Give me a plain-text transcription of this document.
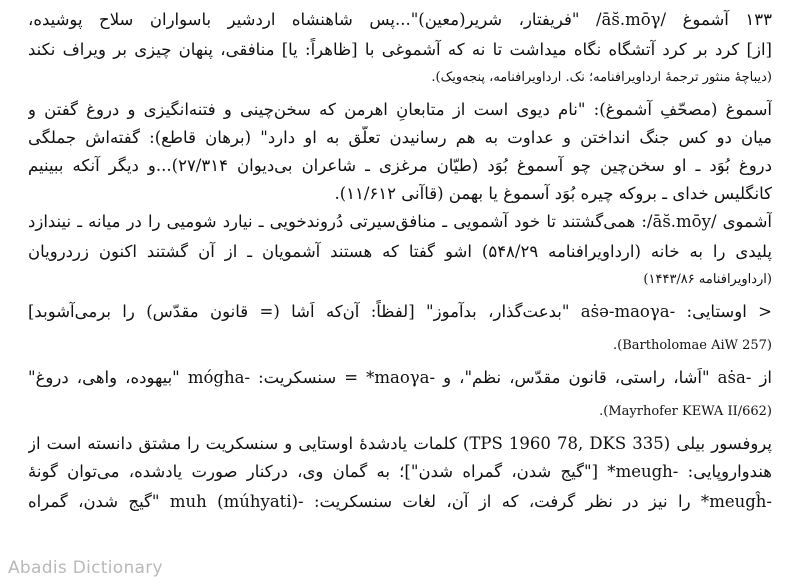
۱۳۳ آشموغ /ās̆.mōγ/ "فریفتار، شریر(معین)"...پس شاهنشاه اردشیر باسواران سلاح پوشیده،
[از] کرد بر کرد آتشگاه نگاه میداشت تا نه که آشموغی با [ظاهراً: یا] منافقی، پنهان چیزی بر ویراف نکند
(دیباچهٔ منثور ترجمهٔ ارداویرافنامه؛ نک. ارداویرافنامه، پنجه‌ویک).
آسموغ (مصحّفِ آشموغ): "نام دیوی است از متابعانِ اهرمن که سخن‌چینی و فتنه‌انگیزی و دروغ گفتن و
میان دو کس جنگ انداختن و عداوت به هم رسانیدن تعلّق به او دارد" (برهان قاطع): گفته‌اش جملگی
دروغ بُوَد ـ او سخن‌چین چو آسموغ بُوَد (طیّان مرغزی ـ شاعران بی‌دیوان ۲۷/۳۱۴)...و دیگر آنکه ببینیم
کانگلیس خدای ـ بروکه چیره بُوَد آسموغ یا بهمن (قاآنی ۱۱/۶۱۲).
آشموی /ās̆.mōy/: همی‌گشتند تا خود آشمویی ـ منافق‌سیرتی دُروندخویی ـ نیارد شومیی را در میانه ـ نیندازد
پلیدی را به خانه (ارداویرافنامه ۵۴۸/۲۹) اشو گفتا که هستند آشمویان ـ از آن گشتند اکنون زردرویان
(ارداویرافنامه ۱۴۴۳/۸۶)
< اوستایی: -aṡə-maoγa "بدعت‌گذار، بدآموز" [لفظاً: آن‌که اَشا (= قانون مقدّس) را برمی‌آشوبد]
(Bartholomae AiW 257).
از -aṡa "اَشا، راستی، قانون مقدّس، نظم"، و -maoγa* = سنسکریت: -mógha "بیهوده، واهی، دروغ"
(Mayrhofer KEWA II/662).
پروفسور بیلی (TPS 1960 78, DKS 335) کلمات یادشدهٔ اوستایی و سنسکریت را مشتق دانسته است از
هندواروپایی: -meugh* ["گیج شدن، گمراه شدن"]؛ به گمان وی، درکنار صورت یادشده، می‌توان گونهٔ
-meugĥ* را نیز در نظر گرفت، که از آن، لغات سنسکریت: -(múhyati) muh "گیج شدن، گمراه
Abadis Dictionary
